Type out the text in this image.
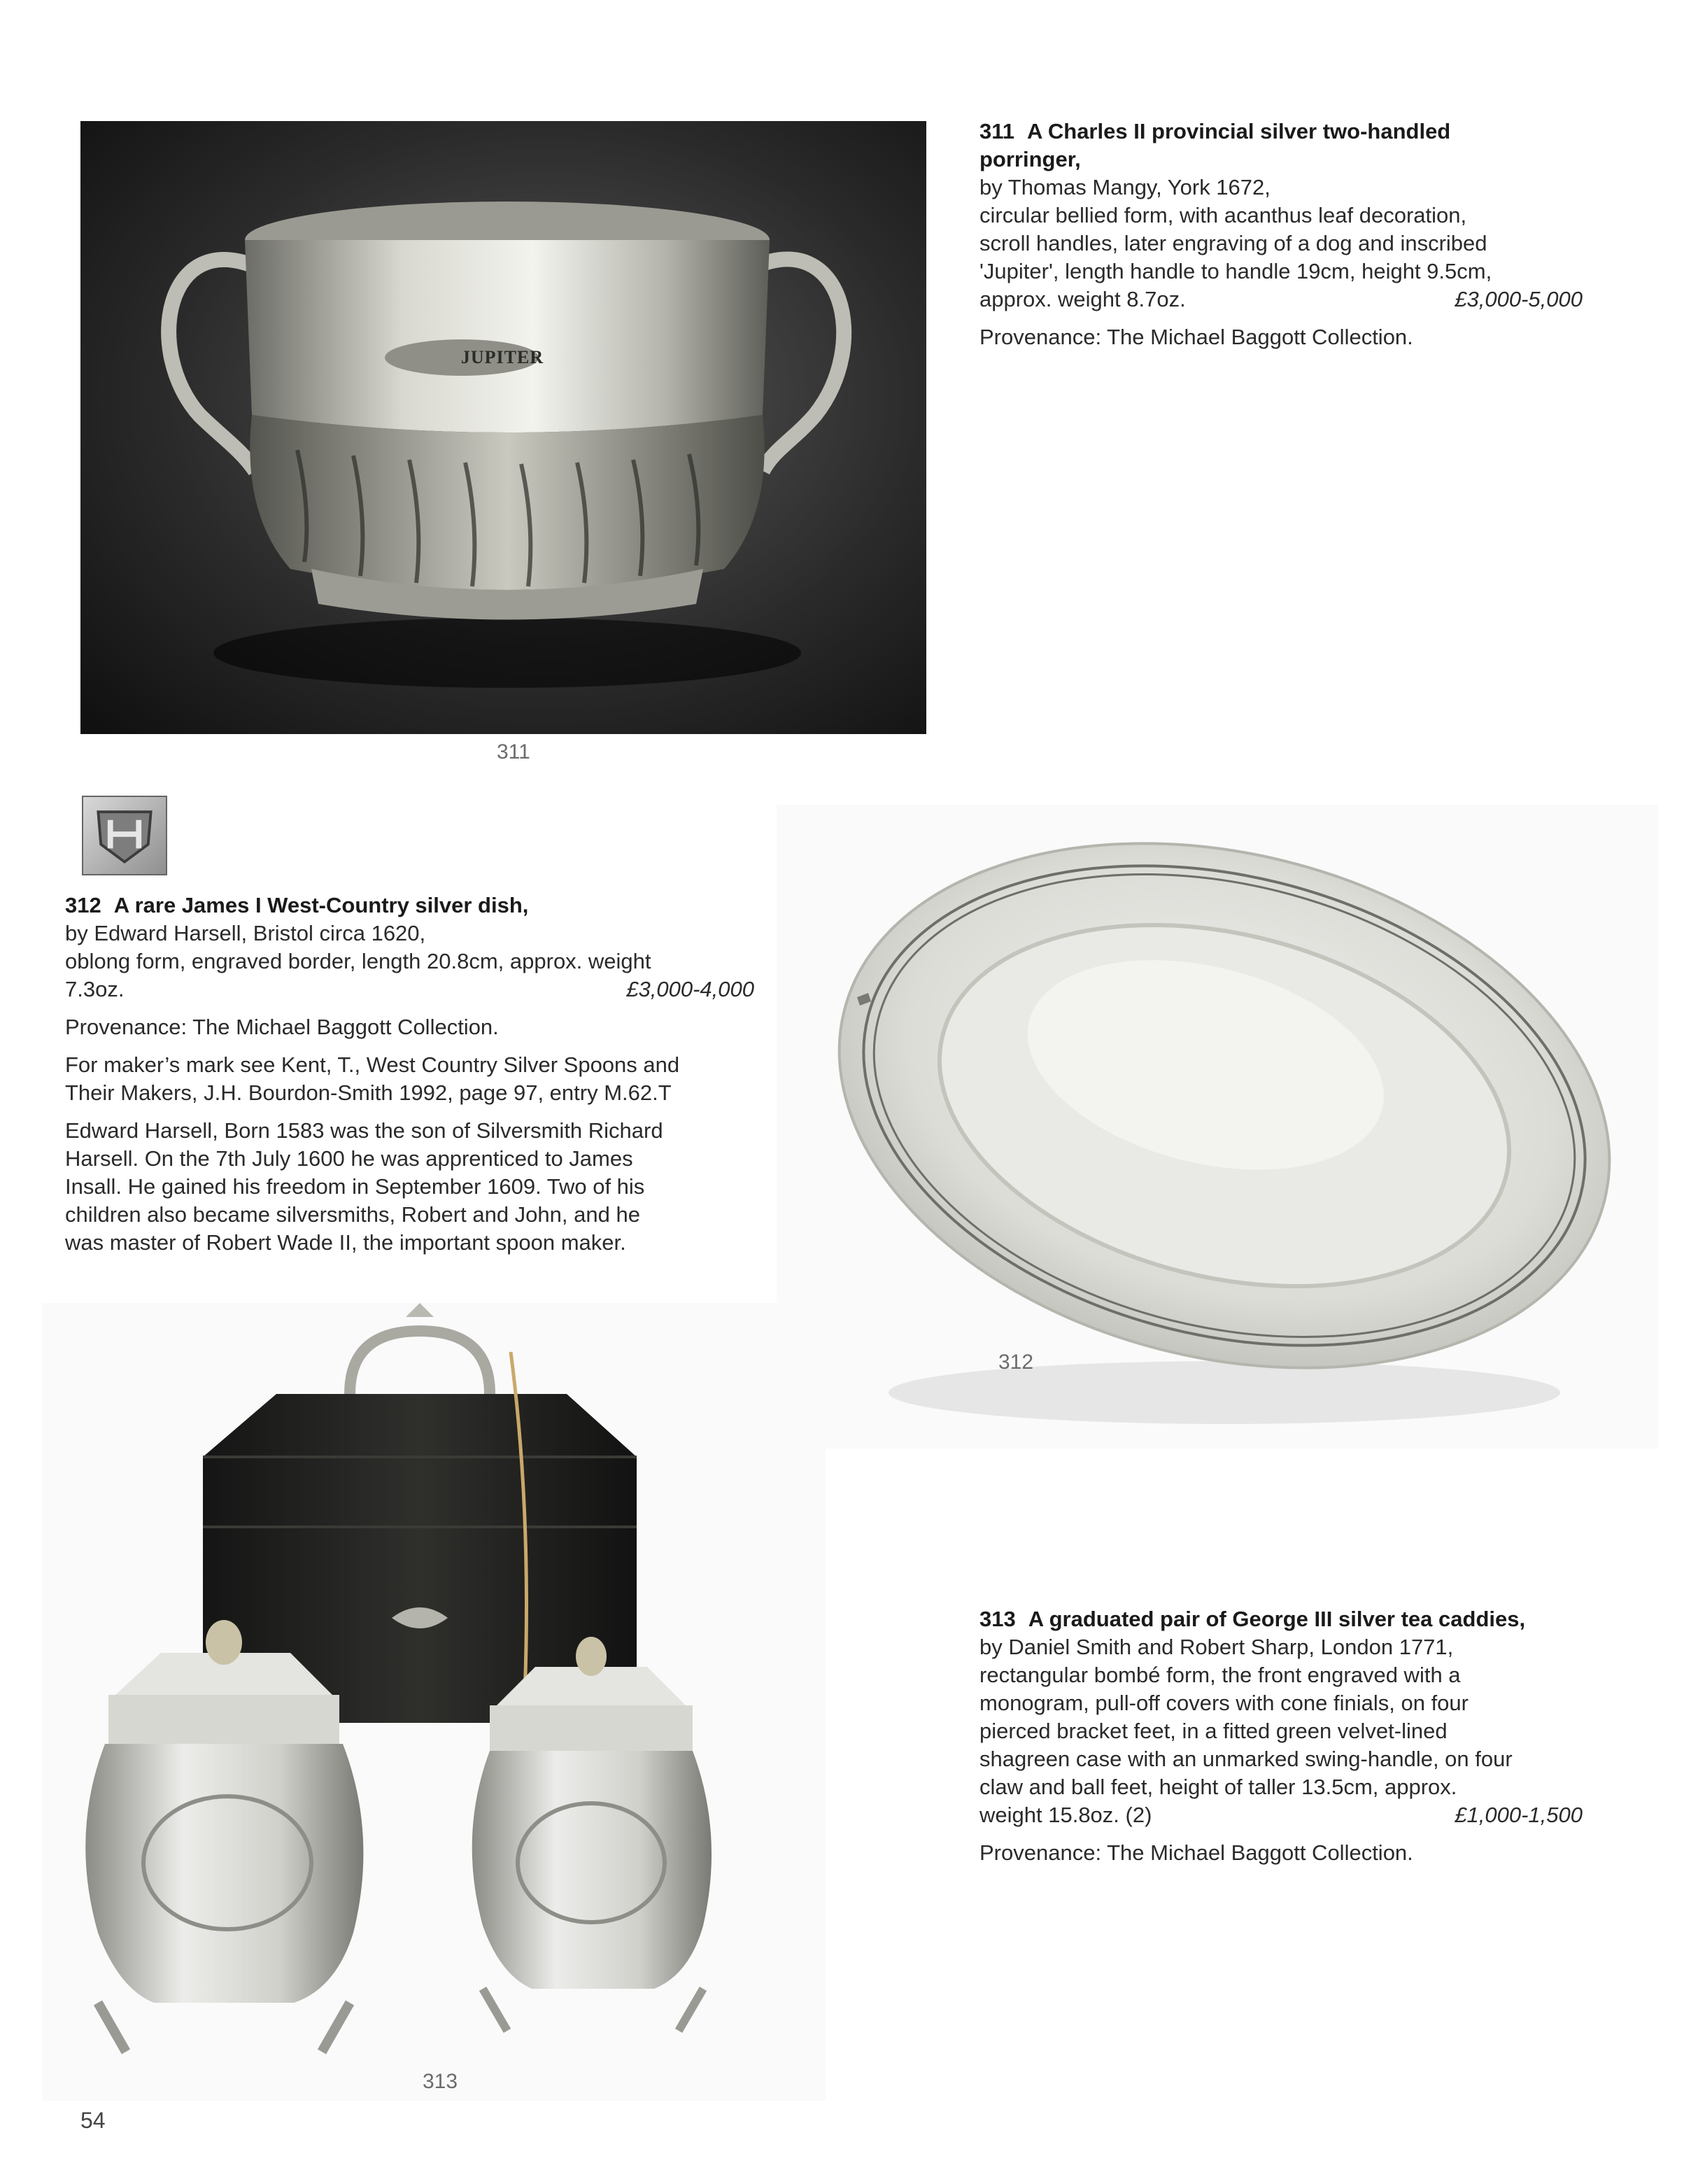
JUPITER
311
311 A Charles II provincial silver two-handled
porringer,
by Thomas Mangy, York 1672,
circular bellied form, with acanthus leaf decoration,
scroll handles, later engraving of a dog and inscribed
'Jupiter', length handle to handle 19cm, height 9.5cm,
approx. weight 8.7oz.	£3,000-5,000
Provenance: The Michael Baggott Collection.
312 A rare James I West-Country silver dish,
by Edward Harsell, Bristol circa 1620,
oblong form, engraved border, length 20.8cm, approx. weight
7.3oz.	£3,000-4,000
Provenance: The Michael Baggott Collection.
For maker’s mark see Kent, T., West Country Silver Spoons and
Their Makers, J.H. Bourdon-Smith 1992, page 97, entry M.62.T
Edward Harsell, Born 1583 was the son of Silversmith Richard
Harsell. On the 7th July 1600 he was apprenticed to James
Insall. He gained his freedom in September 1609. Two of his
children also became silversmiths, Robert and John, and he
was master of Robert Wade II, the important spoon maker.
312
313
313 A graduated pair of George III silver tea caddies,
by Daniel Smith and Robert Sharp, London 1771,
rectangular bombé form, the front engraved with a
monogram, pull-off covers with cone finials, on four
pierced bracket feet, in a fitted green velvet-lined
shagreen case with an unmarked swing-handle, on four
claw and ball feet, height of taller 13.5cm, approx.
weight 15.8oz. (2)	£1,000-1,500
Provenance: The Michael Baggott Collection.
54
